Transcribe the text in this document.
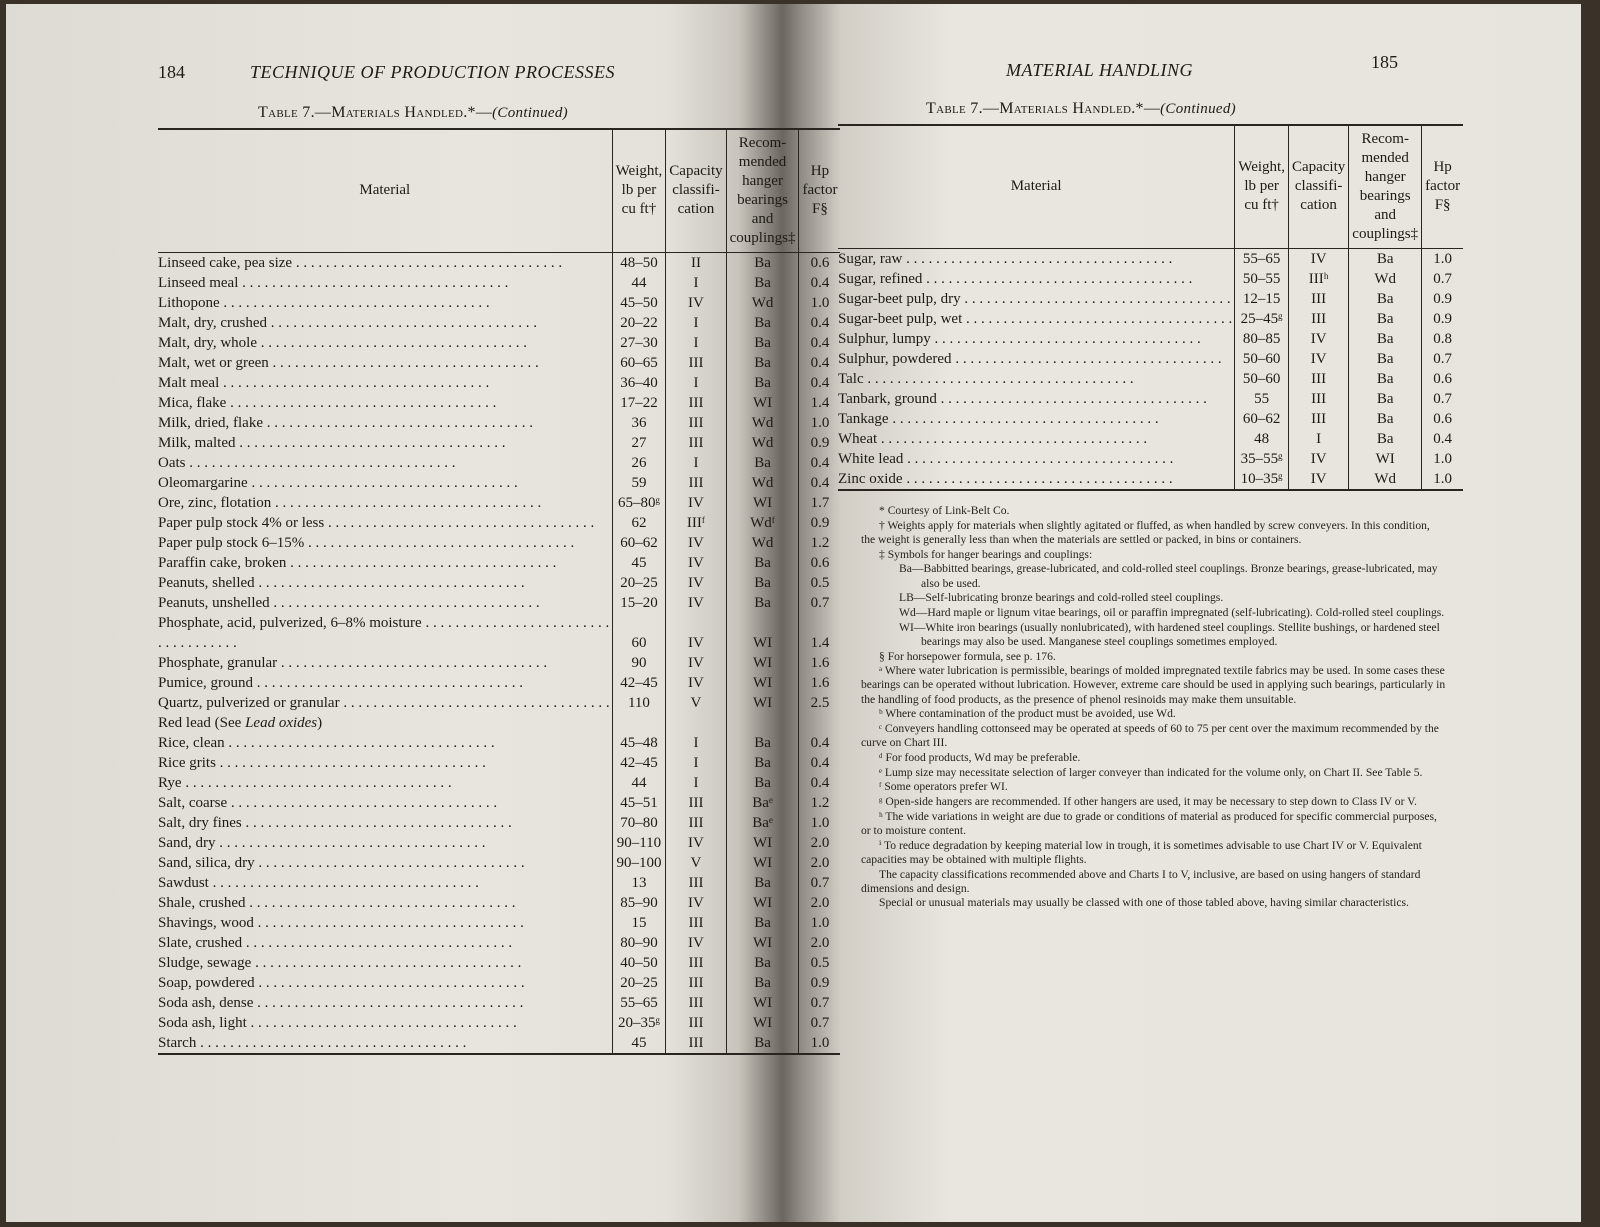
184	TECHNIQUE OF PRODUCTION PROCESSES
Table 7.—Materials Handled.*—(Continued)
Material	Weight, lb per cu ft†	Capacity classifi- cation	Recom- mended hanger bearings and couplings‡	Hp factor F§
Linseed cake, pea size . . . . . . . . . . . . . . . . . . . . . . . . . . . . . . . . . . . .	48–50	II	Ba	0.6
Linseed meal . . . . . . . . . . . . . . . . . . . . . . . . . . . . . . . . . . . .	44	I	Ba	0.4
Lithopone . . . . . . . . . . . . . . . . . . . . . . . . . . . . . . . . . . . .	45–50	IV	Wd	1.0
Malt, dry, crushed . . . . . . . . . . . . . . . . . . . . . . . . . . . . . . . . . . . .	20–22	I	Ba	0.4
Malt, dry, whole . . . . . . . . . . . . . . . . . . . . . . . . . . . . . . . . . . . .	27–30	I	Ba	0.4
Malt, wet or green . . . . . . . . . . . . . . . . . . . . . . . . . . . . . . . . . . . .	60–65	III	Ba	0.4
Malt meal . . . . . . . . . . . . . . . . . . . . . . . . . . . . . . . . . . . .	36–40	I	Ba	0.4
Mica, flake . . . . . . . . . . . . . . . . . . . . . . . . . . . . . . . . . . . .	17–22	III	WI	1.4
Milk, dried, flake . . . . . . . . . . . . . . . . . . . . . . . . . . . . . . . . . . . .	36	III	Wd	1.0
Milk, malted . . . . . . . . . . . . . . . . . . . . . . . . . . . . . . . . . . . .	27	III	Wd	0.9
Oats . . . . . . . . . . . . . . . . . . . . . . . . . . . . . . . . . . . .	26	I	Ba	0.4
Oleomargarine . . . . . . . . . . . . . . . . . . . . . . . . . . . . . . . . . . . .	59	III	Wd	0.4
Ore, zinc, flotation . . . . . . . . . . . . . . . . . . . . . . . . . . . . . . . . . . . .	65–80ᵍ	IV	WI	1.7
Paper pulp stock 4% or less . . . . . . . . . . . . . . . . . . . . . . . . . . . . . . . . . . . .	62	IIIᶠ	Wdᶠ	0.9
Paper pulp stock 6–15% . . . . . . . . . . . . . . . . . . . . . . . . . . . . . . . . . . . .	60–62	IV	Wd	1.2
Paraffin cake, broken . . . . . . . . . . . . . . . . . . . . . . . . . . . . . . . . . . . .	45	IV	Ba	0.6
Peanuts, shelled . . . . . . . . . . . . . . . . . . . . . . . . . . . . . . . . . . . .	20–25	IV	Ba	0.5
Peanuts, unshelled . . . . . . . . . . . . . . . . . . . . . . . . . . . . . . . . . . . .	15–20	IV	Ba	0.7
Phosphate, acid, pulverized, 6–8% moisture . . . . . . . . . . . . . . . . . . . . . . . . . . . . . . . . . . . .	60	IV	WI	1.4
Phosphate, granular . . . . . . . . . . . . . . . . . . . . . . . . . . . . . . . . . . . .	90	IV	WI	1.6
Pumice, ground . . . . . . . . . . . . . . . . . . . . . . . . . . . . . . . . . . . .	42–45	IV	WI	1.6
Quartz, pulverized or granular . . . . . . . . . . . . . . . . . . . . . . . . . . . . . . . . . . . .	110	V	WI	2.5
Red lead (See Lead oxides)				
Rice, clean . . . . . . . . . . . . . . . . . . . . . . . . . . . . . . . . . . . .	45–48	I	Ba	0.4
Rice grits . . . . . . . . . . . . . . . . . . . . . . . . . . . . . . . . . . . .	42–45	I	Ba	0.4
Rye . . . . . . . . . . . . . . . . . . . . . . . . . . . . . . . . . . . .	44	I	Ba	0.4
Salt, coarse . . . . . . . . . . . . . . . . . . . . . . . . . . . . . . . . . . . .	45–51	III	Baᵉ	1.2
Salt, dry fines . . . . . . . . . . . . . . . . . . . . . . . . . . . . . . . . . . . .	70–80	III	Baᵉ	1.0
Sand, dry . . . . . . . . . . . . . . . . . . . . . . . . . . . . . . . . . . . .	90–110	IV	WI	2.0
Sand, silica, dry . . . . . . . . . . . . . . . . . . . . . . . . . . . . . . . . . . . .	90–100	V	WI	2.0
Sawdust . . . . . . . . . . . . . . . . . . . . . . . . . . . . . . . . . . . .	13	III	Ba	0.7
Shale, crushed . . . . . . . . . . . . . . . . . . . . . . . . . . . . . . . . . . . .	85–90	IV	WI	2.0
Shavings, wood . . . . . . . . . . . . . . . . . . . . . . . . . . . . . . . . . . . .	15	III	Ba	1.0
Slate, crushed . . . . . . . . . . . . . . . . . . . . . . . . . . . . . . . . . . . .	80–90	IV	WI	2.0
Sludge, sewage . . . . . . . . . . . . . . . . . . . . . . . . . . . . . . . . . . . .	40–50	III	Ba	0.5
Soap, powdered . . . . . . . . . . . . . . . . . . . . . . . . . . . . . . . . . . . .	20–25	III	Ba	0.9
Soda ash, dense . . . . . . . . . . . . . . . . . . . . . . . . . . . . . . . . . . . .	55–65	III	WI	0.7
Soda ash, light . . . . . . . . . . . . . . . . . . . . . . . . . . . . . . . . . . . .	20–35ᵍ	III	WI	0.7
Starch . . . . . . . . . . . . . . . . . . . . . . . . . . . . . . . . . . . .	45	III	Ba	1.0
MATERIAL HANDLING	185
Table 7.—Materials Handled.*—(Continued)
Material	Weight, lb per cu ft†	Capacity classifi- cation	Recom- mended hanger bearings and couplings‡	Hp factor F§
Sugar, raw . . . . . . . . . . . . . . . . . . . . . . . . . . . . . . . . . . . .	55–65	IV	Ba	1.0
Sugar, refined . . . . . . . . . . . . . . . . . . . . . . . . . . . . . . . . . . . .	50–55	IIIʰ	Wd	0.7
Sugar-beet pulp, dry . . . . . . . . . . . . . . . . . . . . . . . . . . . . . . . . . . . .	12–15	III	Ba	0.9
Sugar-beet pulp, wet . . . . . . . . . . . . . . . . . . . . . . . . . . . . . . . . . . . .	25–45ᵍ	III	Ba	0.9
Sulphur, lumpy . . . . . . . . . . . . . . . . . . . . . . . . . . . . . . . . . . . .	80–85	IV	Ba	0.8
Sulphur, powdered . . . . . . . . . . . . . . . . . . . . . . . . . . . . . . . . . . . .	50–60	IV	Ba	0.7
Talc . . . . . . . . . . . . . . . . . . . . . . . . . . . . . . . . . . . .	50–60	III	Ba	0.6
Tanbark, ground . . . . . . . . . . . . . . . . . . . . . . . . . . . . . . . . . . . .	55	III	Ba	0.7
Tankage . . . . . . . . . . . . . . . . . . . . . . . . . . . . . . . . . . . .	60–62	III	Ba	0.6
Wheat . . . . . . . . . . . . . . . . . . . . . . . . . . . . . . . . . . . .	48	I	Ba	0.4
White lead . . . . . . . . . . . . . . . . . . . . . . . . . . . . . . . . . . . .	35–55ᵍ	IV	WI	1.0
Zinc oxide . . . . . . . . . . . . . . . . . . . . . . . . . . . . . . . . . . . .	10–35ᵍ	IV	Wd	1.0

* Courtesy of Link-Belt Co.

† Weights apply for materials when slightly agitated or fluffed, as when handled by screw conveyers. In this condition, the weight is generally less than when the materials are settled or packed, in bins or containers.

‡ Symbols for hanger bearings and couplings:

Ba—Babbitted bearings, grease-lubricated, and cold-rolled steel couplings. Bronze bearings, grease-lubricated, may also be used.

LB—Self-lubricating bronze bearings and cold-rolled steel couplings.

Wd—Hard maple or lignum vitae bearings, oil or paraffin impregnated (self-lubricating). Cold-rolled steel couplings.

WI—White iron bearings (usually nonlubricated), with hardened steel couplings. Stellite bushings, or hardened steel bearings may also be used. Manganese steel couplings sometimes employed.

§ For horsepower formula, see p. 176.

ᵃ Where water lubrication is permissible, bearings of molded impregnated textile fabrics may be used. In some cases these bearings can be operated without lubrication. However, extreme care should be used in applying such bearings, particularly in the handling of food products, as the presence of phenol resinoids may make them unsuitable.

ᵇ Where contamination of the product must be avoided, use Wd.

ᶜ Conveyers handling cottonseed may be operated at speeds of 60 to 75 per cent over the maximum recommended by the curve on Chart III.

ᵈ For food products, Wd may be preferable.

ᵉ Lump size may necessitate selection of larger conveyer than indicated for the volume only, on Chart II. See Table 5.

ᶠ Some operators prefer WI.

ᵍ Open-side hangers are recommended. If other hangers are used, it may be necessary to step down to Class IV or V.

ʰ The wide variations in weight are due to grade or conditions of material as produced for specific commercial purposes, or to moisture content.

ⁱ To reduce degradation by keeping material low in trough, it is sometimes advisable to use Chart IV or V. Equivalent capacities may be obtained with multiple flights.

The capacity classifications recommended above and Charts I to V, inclusive, are based on using hangers of standard dimensions and design.

Special or unusual materials may usually be classed with one of those tabled above, having similar characteristics.
